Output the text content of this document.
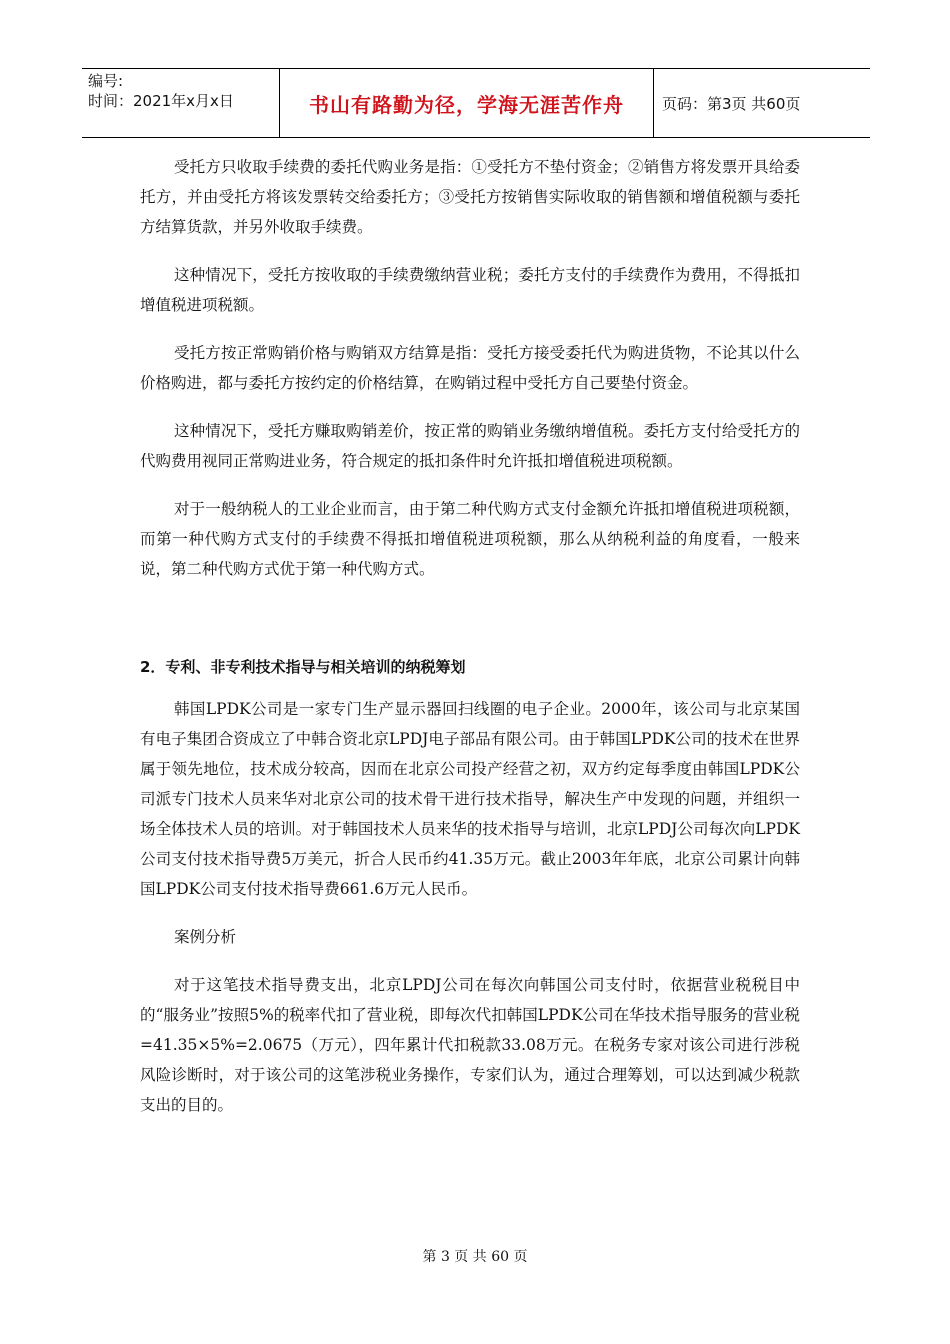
编号:
时间：2021年x月x日	书山有路勤为径，学海无涯苦作舟	页码：第3页 共60页

受托方只收取手续费的委托代购业务是指：①受托方不垫付资金；②销售方将发票开具给委托方，并由受托方将该发票转交给委托方；③受托方按销售实际收取的销售额和增值税额与委托方结算货款，并另外收取手续费。

这种情况下，受托方按收取的手续费缴纳营业税；委托方支付的手续费作为费用，不得抵扣增值税进项税额。

受托方按正常购销价格与购销双方结算是指：受托方接受委托代为购进货物，不论其以什么价格购进，都与委托方按约定的价格结算，在购销过程中受托方自己要垫付资金。

这种情况下，受托方赚取购销差价，按正常的购销业务缴纳增值税。委托方支付给受托方的代购费用视同正常购进业务，符合规定的抵扣条件时允许抵扣增值税进项税额。

对于一般纳税人的工业企业而言，由于第二种代购方式支付金额允许抵扣增值税进项税额，而第一种代购方式支付的手续费不得抵扣增值税进项税额，那么从纳税利益的角度看，一般来说，第二种代购方式优于第一种代购方式。

2．专利、非专利技术指导与相关培训的纳税筹划

韩国LPDK公司是一家专门生产显示器回扫线圈的电子企业。2000年，该公司与北京某国有电子集团合资成立了中韩合资北京LPDJ电子部品有限公司。由于韩国LPDK公司的技术在世界属于领先地位，技术成分较高，因而在北京公司投产经营之初，双方约定每季度由韩国LPDK公司派专门技术人员来华对北京公司的技术骨干进行技术指导，解决生产中发现的问题，并组织一场全体技术人员的培训。对于韩国技术人员来华的技术指导与培训，北京LPDJ公司每次向LPDK公司支付技术指导费5万美元，折合人民币约41.35万元。截止2003年年底，北京公司累计向韩国LPDK公司支付技术指导费661.6万元人民币。

案例分析

对于这笔技术指导费支出，北京LPDJ公司在每次向韩国公司支付时，依据营业税税目中的“服务业”按照5%的税率代扣了营业税，即每次代扣韩国LPDK公司在华技术指导服务的营业税=41.35×5%=2.0675（万元），四年累计代扣税款33.08万元。在税务专家对该公司进行涉税风险诊断时，对于该公司的这笔涉税业务操作，专家们认为，通过合理筹划，可以达到减少税款支出的目的。

第 3 页 共 60 页
